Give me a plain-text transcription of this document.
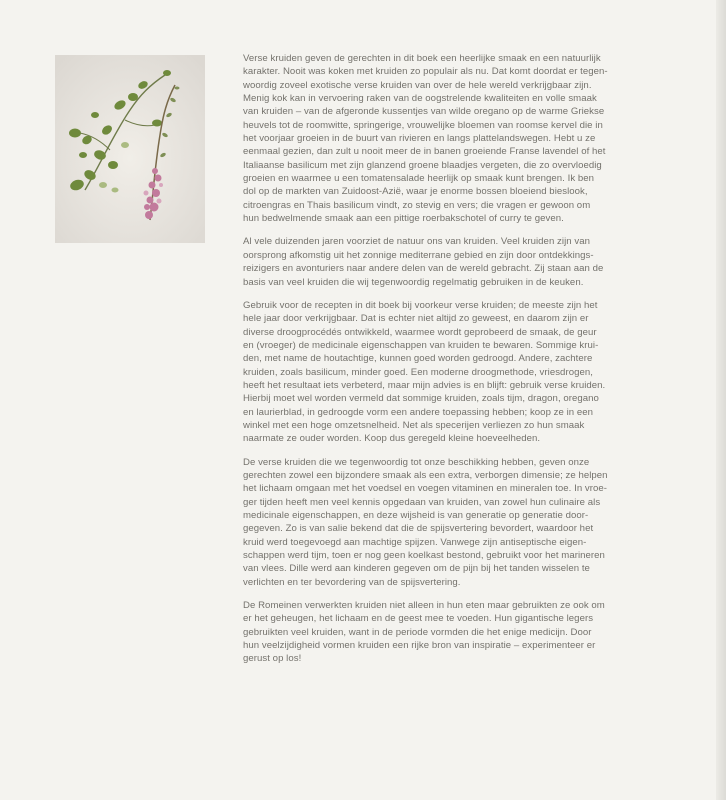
Verse kruiden geven de gerechten in dit boek een heerlijke smaak en een natuurlijk
karakter. Nooit was koken met kruiden zo populair als nu. Dat komt doordat er tegen-
woordig zoveel exotische verse kruiden van over de hele wereld verkrijgbaar zijn.
Menig kok kan in vervoering raken van de oogstrelende kwaliteiten en volle smaak
van kruiden – van de afgeronde kussentjes van wilde oregano op de warme Griekse
heuvels tot de roomwitte, springerige, vrouwelijke bloemen van roomse kervel die in
het voorjaar groeien in de buurt van rivieren en langs plattelandswegen. Hebt u ze
eenmaal gezien, dan zult u nooit meer de in banen groeiende Franse lavendel of het
Italiaanse basilicum met zijn glanzend groene blaadjes vergeten, die zo overvloedig
groeien en waarmee u een tomatensalade heerlijk op smaak kunt brengen. Ik ben
dol op de markten van Zuidoost-Azië, waar je enorme bossen bloeiend bieslook,
citroengras en Thais basilicum vindt, zo stevig en vers; die vragen er gewoon om
hun bedwelmende smaak aan een pittige roerbakschotel of curry te geven.

Al vele duizenden jaren voorziet de natuur ons van kruiden. Veel kruiden zijn van
oorsprong afkomstig uit het zonnige mediterrane gebied en zijn door ontdekkings-
reizigers en avonturiers naar andere delen van de wereld gebracht. Zij staan aan de
basis van veel kruiden die wij tegenwoordig regelmatig gebruiken in de keuken.

Gebruik voor de recepten in dit boek bij voorkeur verse kruiden; de meeste zijn het
hele jaar door verkrijgbaar. Dat is echter niet altijd zo geweest, en daarom zijn er
diverse droogprocédés ontwikkeld, waarmee wordt geprobeerd de smaak, de geur
en (vroeger) de medicinale eigenschappen van kruiden te bewaren. Sommige krui-
den, met name de houtachtige, kunnen goed worden gedroogd. Andere, zachtere
kruiden, zoals basilicum, minder goed. Een moderne droogmethode, vriesdrogen,
heeft het resultaat iets verbeterd, maar mijn advies is en blijft: gebruik verse kruiden.
Hierbij moet wel worden vermeld dat sommige kruiden, zoals tijm, dragon, oregano
en laurierblad, in gedroogde vorm een andere toepassing hebben; koop ze in een
winkel met een hoge omzetsnelheid. Net als specerijen verliezen zo hun smaak
naarmate ze ouder worden. Koop dus geregeld kleine hoeveelheden.

De verse kruiden die we tegenwoordig tot onze beschikking hebben, geven onze
gerechten zowel een bijzondere smaak als een extra, verborgen dimensie; ze helpen
het lichaam omgaan met het voedsel en voegen vitaminen en mineralen toe. In vroe-
ger tijden heeft men veel kennis opgedaan van kruiden, van zowel hun culinaire als
medicinale eigenschappen, en deze wijsheid is van generatie op generatie door-
gegeven. Zo is van salie bekend dat die de spijsvertering bevordert, waardoor het
kruid werd toegevoegd aan machtige spijzen. Vanwege zijn antiseptische eigen-
schappen werd tijm, toen er nog geen koelkast bestond, gebruikt voor het marineren
van vlees. Dille werd aan kinderen gegeven om de pijn bij het tanden wisselen te
verlichten en ter bevordering van de spijsvertering.

De Romeinen verwerkten kruiden niet alleen in hun eten maar gebruikten ze ook om
er het geheugen, het lichaam en de geest mee te voeden. Hun gigantische legers
gebruikten veel kruiden, want in de periode vormden die het enige medicijn. Door
hun veelzijdigheid vormen kruiden een rijke bron van inspiratie – experimenteer er
gerust op los!
